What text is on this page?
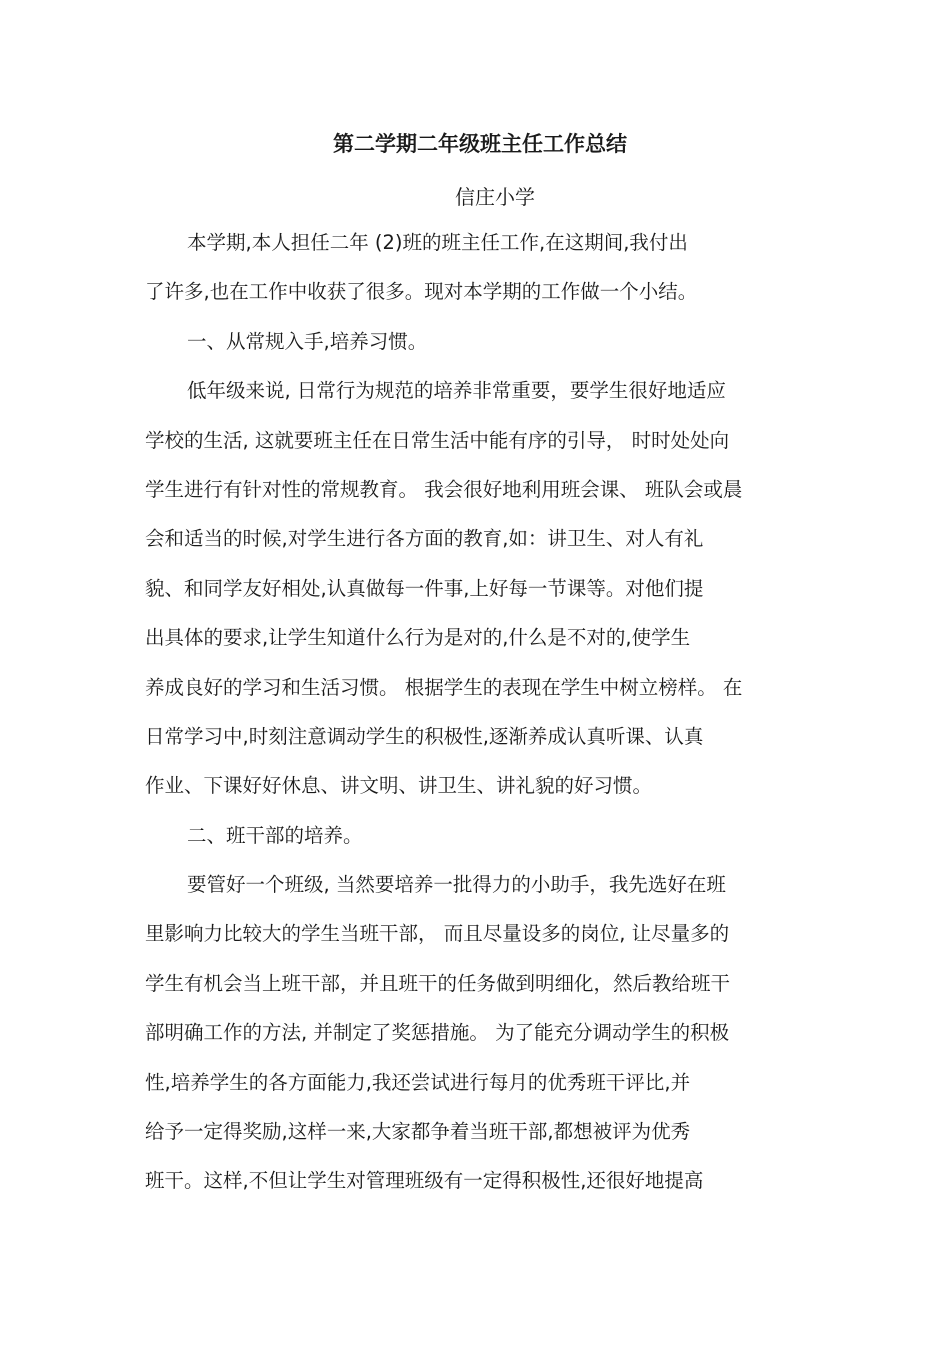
第二学期二年级班主任工作总结
信庄小学
本学期,本人担任二年 (2)班的班主任工作,在这期间,我付出
了许多,也在工作中收获了很多。现对本学期的工作做一个小结。
一、从常规入手,培养习惯。
低年级来说, 日常行为规范的培养非常重要，要学生很好地适应
学校的生活, 这就要班主任在日常生活中能有序的引导， 时时处处向
学生进行有针对性的常规教育。 我会很好地利用班会课、 班队会或晨
会和适当的时候,对学生进行各方面的教育,如：讲卫生、对人有礼
貌、和同学友好相处,认真做每一件事,上好每一节课等。对他们提
出具体的要求,让学生知道什么行为是对的,什么是不对的,使学生
养成良好的学习和生活习惯。 根据学生的表现在学生中树立榜样。 在
日常学习中,时刻注意调动学生的积极性,逐渐养成认真听课、认真
作业、下课好好休息、讲文明、讲卫生、讲礼貌的好习惯。
二、班干部的培养。
要管好一个班级, 当然要培养一批得力的小助手，我先选好在班
里影响力比较大的学生当班干部， 而且尽量设多的岗位, 让尽量多的
学生有机会当上班干部，并且班干的任务做到明细化，然后教给班干
部明确工作的方法, 并制定了奖惩措施。 为了能充分调动学生的积极
性,培养学生的各方面能力,我还尝试进行每月的优秀班干评比,并
给予一定得奖励,这样一来,大家都争着当班干部,都想被评为优秀
班干。这样,不但让学生对管理班级有一定得积极性,还很好地提高
